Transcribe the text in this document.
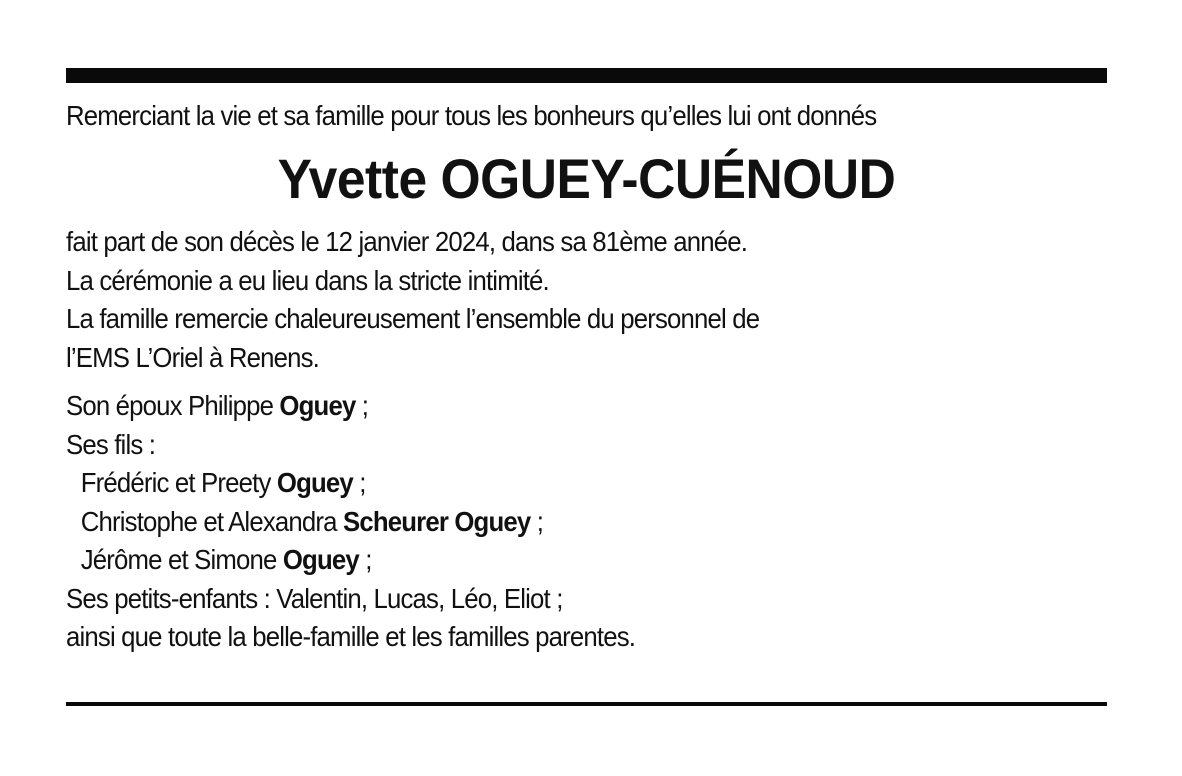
Remerciant la vie et sa famille pour tous les bonheurs qu’elles lui ont donnés
Yvette OGUEY-CUÉNOUD
fait part de son décès le 12 janvier 2024, dans sa 81ème année.
La cérémonie a eu lieu dans la stricte intimité.
La famille remercie chaleureusement l’ensemble du personnel de
l’EMS L’Oriel à Renens.
Son époux Philippe Oguey ;
Ses fils :
Frédéric et Preety Oguey ;
Christophe et Alexandra Scheurer Oguey ;
Jérôme et Simone Oguey ;
Ses petits-enfants : Valentin, Lucas, Léo, Eliot ;
ainsi que toute la belle-famille et les familles parentes.
